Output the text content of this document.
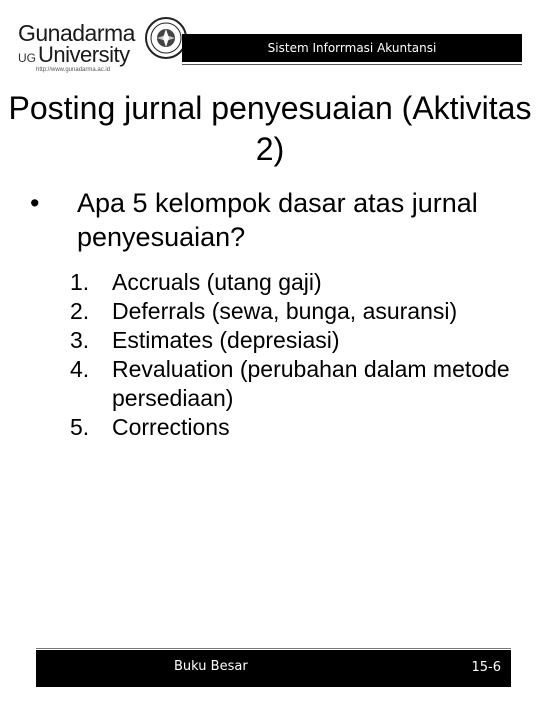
Gunadarma
UG University
http://www.gunadarma.ac.id
Sistem Inforrmasi Akuntansi
Posting jurnal penyesuaian (Aktivitas 2)
•	Apa 5 kelompok dasar atas jurnal penyesuaian?
1. Accruals (utang gaji)
2. Deferrals (sewa, bunga, asuransi)
3. Estimates (depresiasi)
4. Revaluation (perubahan dalam metode persediaan)
5. Corrections
Buku Besar	15-6
